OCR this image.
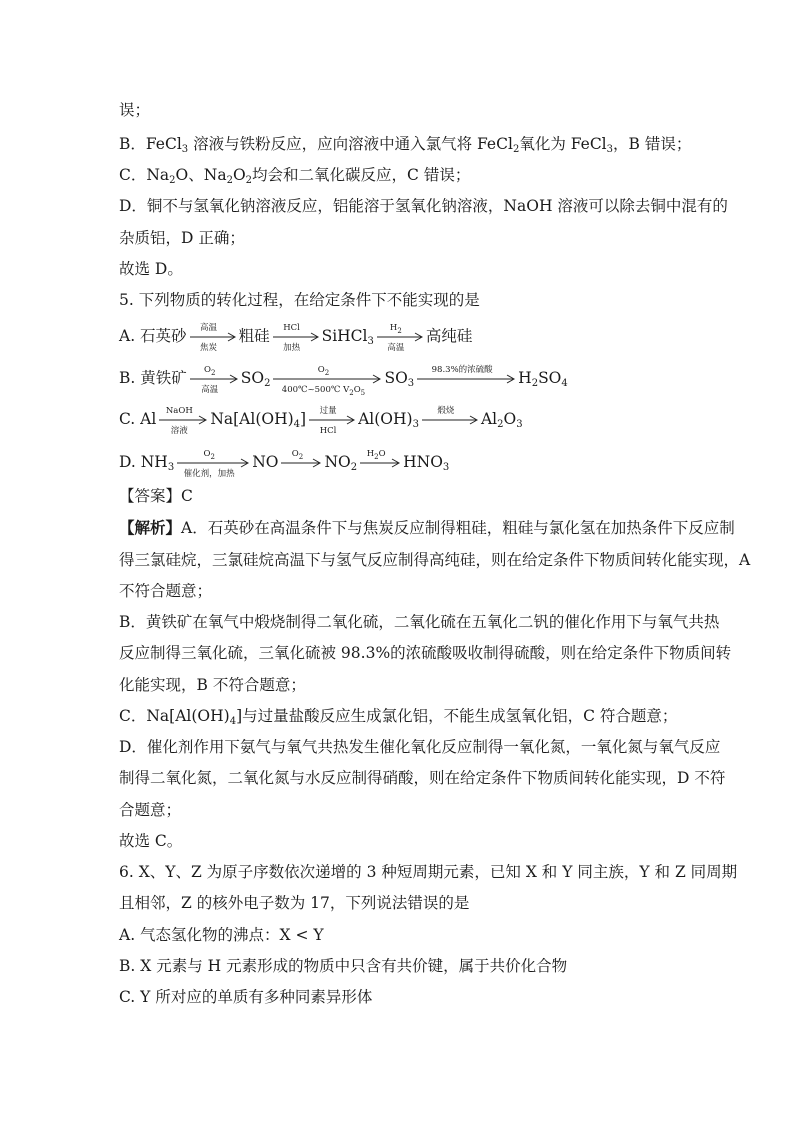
误；
B．FeCl$_3$ 溶液与铁粉反应，应向溶液中通入氯气将 FeCl$_2$氧化为 FeCl$_3$，B 错误；
C．$Na_2O$、$Na_2O_2$均会和二氧化碳反应，C 错误；
D．铜不与氢氧化钠溶液反应，铝能溶于氢氧化钠溶液，NaOH 溶液可以除去铜中混有的
杂质铝，D 正确；
故选 D。
5. 下列物质的转化过程，在给定条件下不能实现的是
A. 石英砂	高温
焦炭
粗硅	HCl
加热
SiHCl$_3$
$H_2$
高温
高纯硅
B. 黄铁矿	$O_2$
高温
$SO_2$
$O_2$
400℃~500℃ $V_2O_5$
$SO_3$
98.3%的浓硫酸	$H_2SO_4$
C. Al	NaOH
溶液
$Na[Al(OH)_4]$	过量
HCl
$Al(OH)_3$
煅烧	$Al_2O_3$
D. $NH_3$
$O_2$
催化剂，加热
NO	$O_2$	$NO_2$
$H_2O$	$HNO_3$
【答案】C
【解析】A．石英砂在高温条件下与焦炭反应制得粗硅，粗硅与氯化氢在加热条件下反应制
得三氯硅烷，三氯硅烷高温下与氢气反应制得高纯硅，则在给定条件下物质间转化能实现，A
不符合题意；
B．黄铁矿在氧气中煅烧制得二氧化硫，二氧化硫在五氧化二钒的催化作用下与氧气共热
反应制得三氧化硫，三氧化硫被 98.3%的浓硫酸吸收制得硫酸，则在给定条件下物质间转
化能实现，B 不符合题意；
C．$Na[Al(OH)_4]$与过量盐酸反应生成氯化铝，不能生成氢氧化铝，C 符合题意；
D．催化剂作用下氨气与氧气共热发生催化氧化反应制得一氧化氮，一氧化氮与氧气反应
制得二氧化氮，二氧化氮与水反应制得硝酸，则在给定条件下物质间转化能实现，D 不符
合题意；
故选 C。
6. X、Y、Z 为原子序数依次递增的 3 种短周期元素，已知 X 和 Y 同主族，Y 和 Z 同周期
且相邻，Z 的核外电子数为 17，下列说法错误的是
A. 气态氢化物的沸点：X < Y
B. X 元素与 H 元素形成的物质中只含有共价键，属于共价化合物
C. Y 所对应的单质有多种同素异形体
